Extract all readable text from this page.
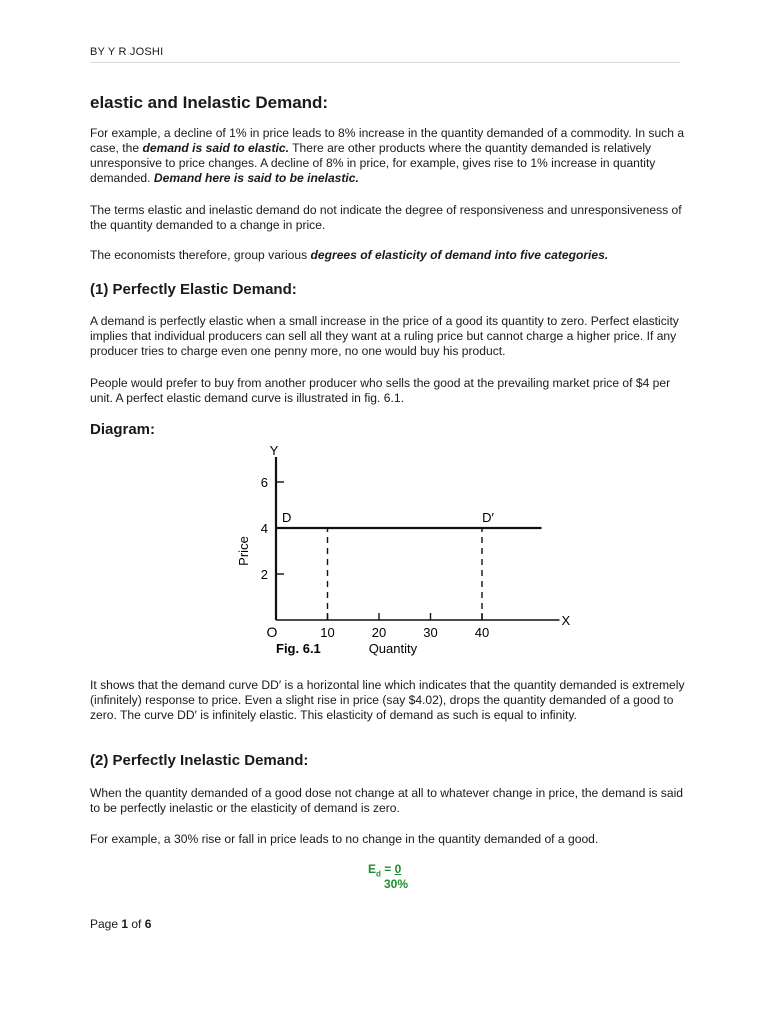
BY Y R JOSHI
elastic and Inelastic Demand:

For example, a decline of 1% in price leads to 8% increase in the quantity demanded of a commodity. In such a case, the demand is said to elastic. There are other products where the quantity demanded is relatively unresponsive to price changes. A decline of 8% in price, for example, gives rise to 1% increase in quantity demanded. Demand here is said to be inelastic.

The terms elastic and inelastic demand do not indicate the degree of responsiveness and unresponsiveness of the quantity demanded to a change in price.

The economists therefore, group various degrees of elasticity of demand into five categories.

(1) Perfectly Elastic Demand:

A demand is perfectly elastic when a small increase in the price of a good its quantity to zero. Perfect elasticity implies that individual producers can sell all they want at a ruling price but cannot charge a higher price. If any producer tries to charge even one penny more, no one would buy his product.

People would prefer to buy from another producer who sells the good at the prevailing market price of $4 per unit. A perfect elastic demand curve is illustrated in fig. 6.1.

Diagram:
Y
X
O
Price
Quantity
Fig. 6.1
D	D′
2
4
6
10	20	30	40

It shows that the demand curve DD′ is a horizontal line which indicates that the quantity demanded is extremely (infinitely) response to price. Even a slight rise in price (say $4.02), drops the quantity demanded of a good to zero. The curve DD′ is infinitely elastic. This elasticity of demand as such is equal to infinity.

(2) Perfectly Inelastic Demand:

When the quantity demanded of a good dose not change at all to whatever change in price, the demand is said to be perfectly inelastic or the elasticity of demand is zero.

For example, a 30% rise or fall in price leads to no change in the quantity demanded of a good.

$E_d = 0$
30%
Page 1 of 6
